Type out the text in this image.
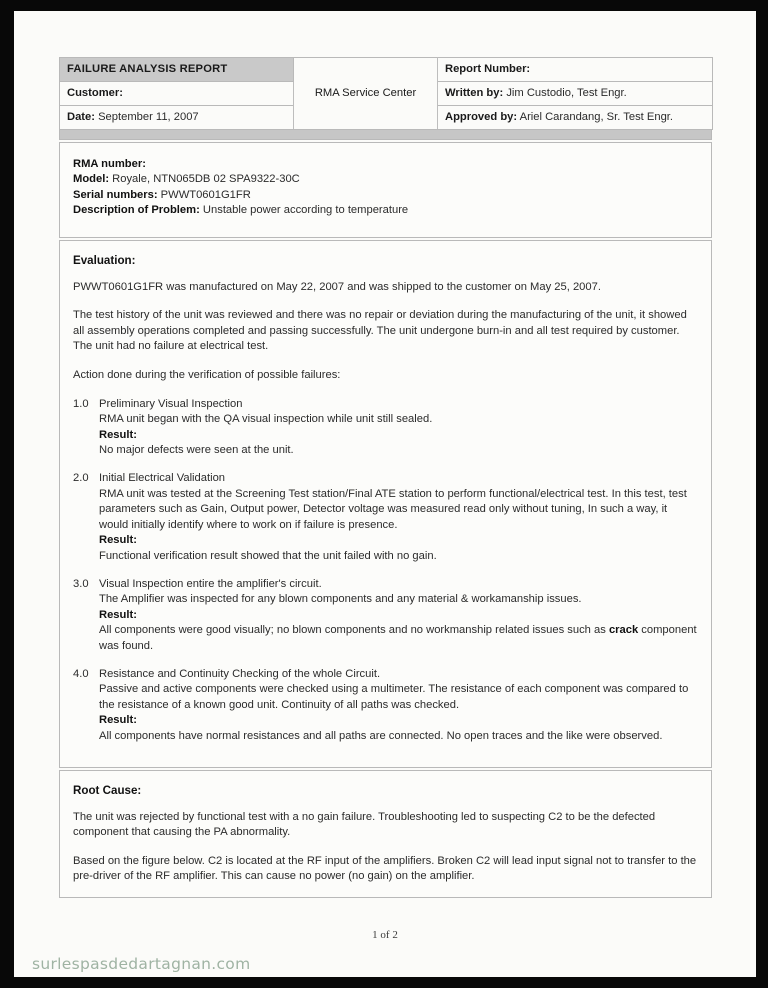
FAILURE ANALYSIS REPORT	RMA Service Center	Report Number:
Customer:		Written by: Jim Custodio, Test Engr.
Date: September 11, 2007		Approved by: Ariel Carandang, Sr. Test Engr.
RMA number:
Model: Royale, NTN065DB 02 SPA9322-30C
Serial numbers: PWWT0601G1FR
Description of Problem: Unstable power according to temperature
Evaluation:

PWWT0601G1FR was manufactured on May 22, 2007 and was shipped to the customer on May 25, 2007.

The test history of the unit was reviewed and there was no repair or deviation during the manufacturing of the unit, it showed all assembly operations completed and passing successfully. The unit undergone burn-in and all test required by customer. The unit had no failure at electrical test.

Action done during the verification of possible failures:

1.0 Preliminary Visual Inspection
RMA unit began with the QA visual inspection while unit still sealed.
Result:
No major defects were seen at the unit.
2.0 Initial Electrical Validation
RMA unit was tested at the Screening Test station/Final ATE station to perform functional/electrical test. In this test, test parameters such as Gain, Output power, Detector voltage was measured read only without tuning, In such a way, it would initially identify where to work on if failure is presence.
Result:
Functional verification result showed that the unit failed with no gain.
3.0 Visual Inspection entire the amplifier's circuit.
The Amplifier was inspected for any blown components and any material & workamanship issues.
Result:
All components were good visually; no blown components and no workmanship related issues such as crack component was found.
4.0 Resistance and Continuity Checking of the whole Circuit.
Passive and active components were checked using a multimeter. The resistance of each component was compared to the resistance of a known good unit. Continuity of all paths was checked.
Result:
All components have normal resistances and all paths are connected. No open traces and the like were observed.
Root Cause:

The unit was rejected by functional test with a no gain failure. Troubleshooting led to suspecting C2 to be the defected component that causing the PA abnormality.

Based on the figure below. C2 is located at the RF input of the amplifiers. Broken C2 will lead input signal not to transfer to the pre-driver of the RF amplifier. This can cause no power (no gain) on the amplifier.

1 of 2
surlespasdedartagnan.com
